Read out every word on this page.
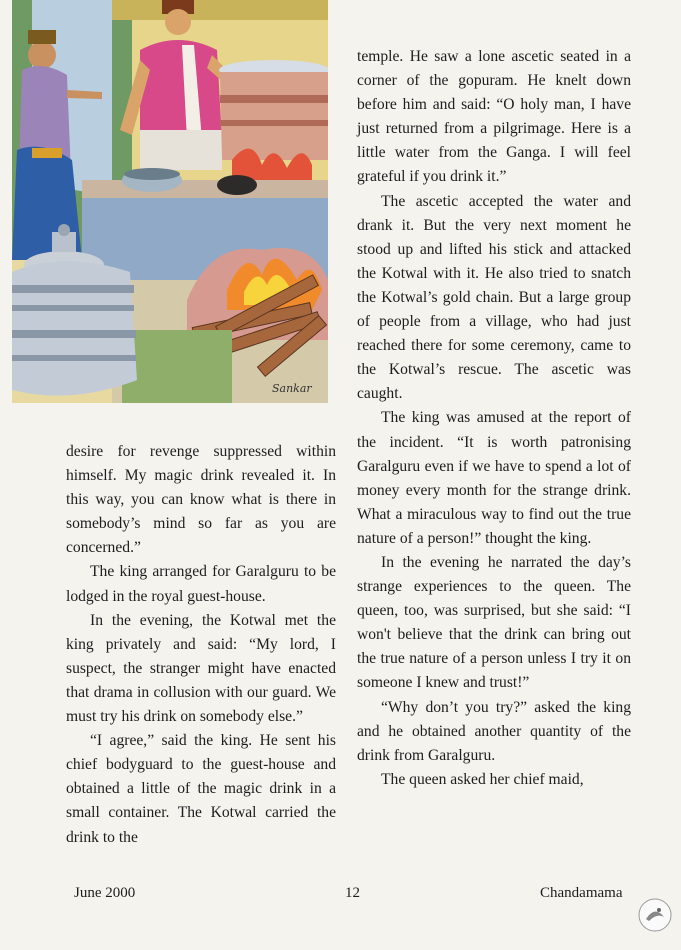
Sankar

temple. He saw a lone ascetic seated in a corner of the gopuram. He knelt down before him and said: “O holy man, I have just returned from a pilgrimage. Here is a little water from the Ganga. I will feel grateful if you drink it.”

The ascetic accepted the water and drank it. But the very next moment he stood up and lifted his stick and attacked the Kotwal with it. He also tried to snatch the Kotwal’s gold chain. But a large group of people from a village, who had just reached there for some ceremony, came to the Kotwal’s rescue. The ascetic was caught.

The king was amused at the report of the incident. “It is worth patronising Garalguru even if we have to spend a lot of money every month for the strange drink. What a miraculous way to find out the true nature of a person!” thought the king.

In the evening he narrated the day’s strange experiences to the queen. The queen, too, was surprised, but she said: “I won't believe that the drink can bring out the true nature of a person unless I try it on someone I knew and trust!”

“Why don’t you try?” asked the king and he obtained another quantity of the drink from Garalguru.

The queen asked her chief maid,

desire for revenge suppressed within himself. My magic drink revealed it. In this way, you can know what is there in somebody’s mind so far as you are concerned.”

The king arranged for Garalguru to be lodged in the royal guest-house.

In the evening, the Kotwal met the king privately and said: “My lord, I suspect, the stranger might have enacted that drama in collusion with our guard. We must try his drink on somebody else.”

“I agree,” said the king. He sent his chief bodyguard to the guest-house and obtained a little of the magic drink in a small container. The Kotwal carried the drink to the

June 2000	12	Chandamama
